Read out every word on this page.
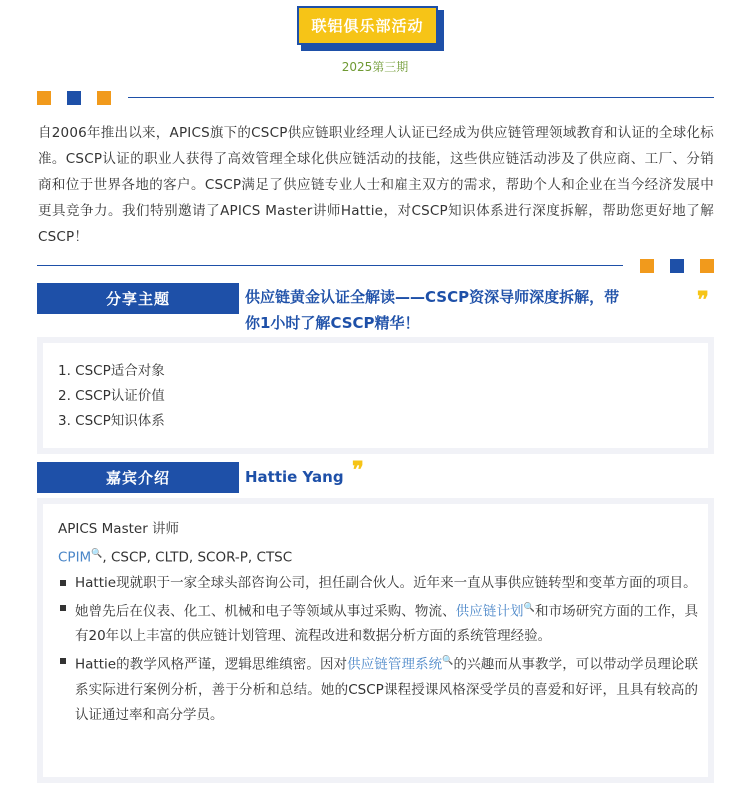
联铝俱乐部活动
2025第三期
自2006年推出以来，APICS旗下的CSCP供应链职业经理人认证已经成为供应链管理领域教育和认证的全球化标准。CSCP认证的职业人获得了高效管理全球化供应链活动的技能，这些供应链活动涉及了供应商、工厂、分销商和位于世界各地的客户。CSCP满足了供应链专业人士和雇主双方的需求，帮助个人和企业在当今经济发展中更具竞争力。我们特别邀请了APICS Master讲师Hattie，对CSCP知识体系进行深度拆解，帮助您更好地了解CSCP！
分享主题	供应链黄金认证全解读——CSCP资深导师深度拆解，带
你1小时了解CSCP精华！
❞
1. CSCP适合对象
2. CSCP认证价值
3. CSCP知识体系
嘉宾介绍	Hattie Yang ❞
APICS Master 讲师
CPIM🔍, CSCP, CLTD, SCOR-P, CTSC
Hattie现就职于一家全球头部咨询公司，担任副合伙人。近年来一直从事供应链转型和变革方面的项目。
她曾先后在仪表、化工、机械和电子等领域从事过采购、物流、供应链计划🔍和市场研究方面的工作，具有20年以上丰富的供应链计划管理、流程改进和数据分析方面的系统管理经验。
Hattie的教学风格严谨，逻辑思维缜密。因对供应链管理系统🔍的兴趣而从事教学，可以带动学员理论联系实际进行案例分析，善于分析和总结。她的CSCP课程授课风格深受学员的喜爱和好评，且具有较高的认证通过率和高分学员。
